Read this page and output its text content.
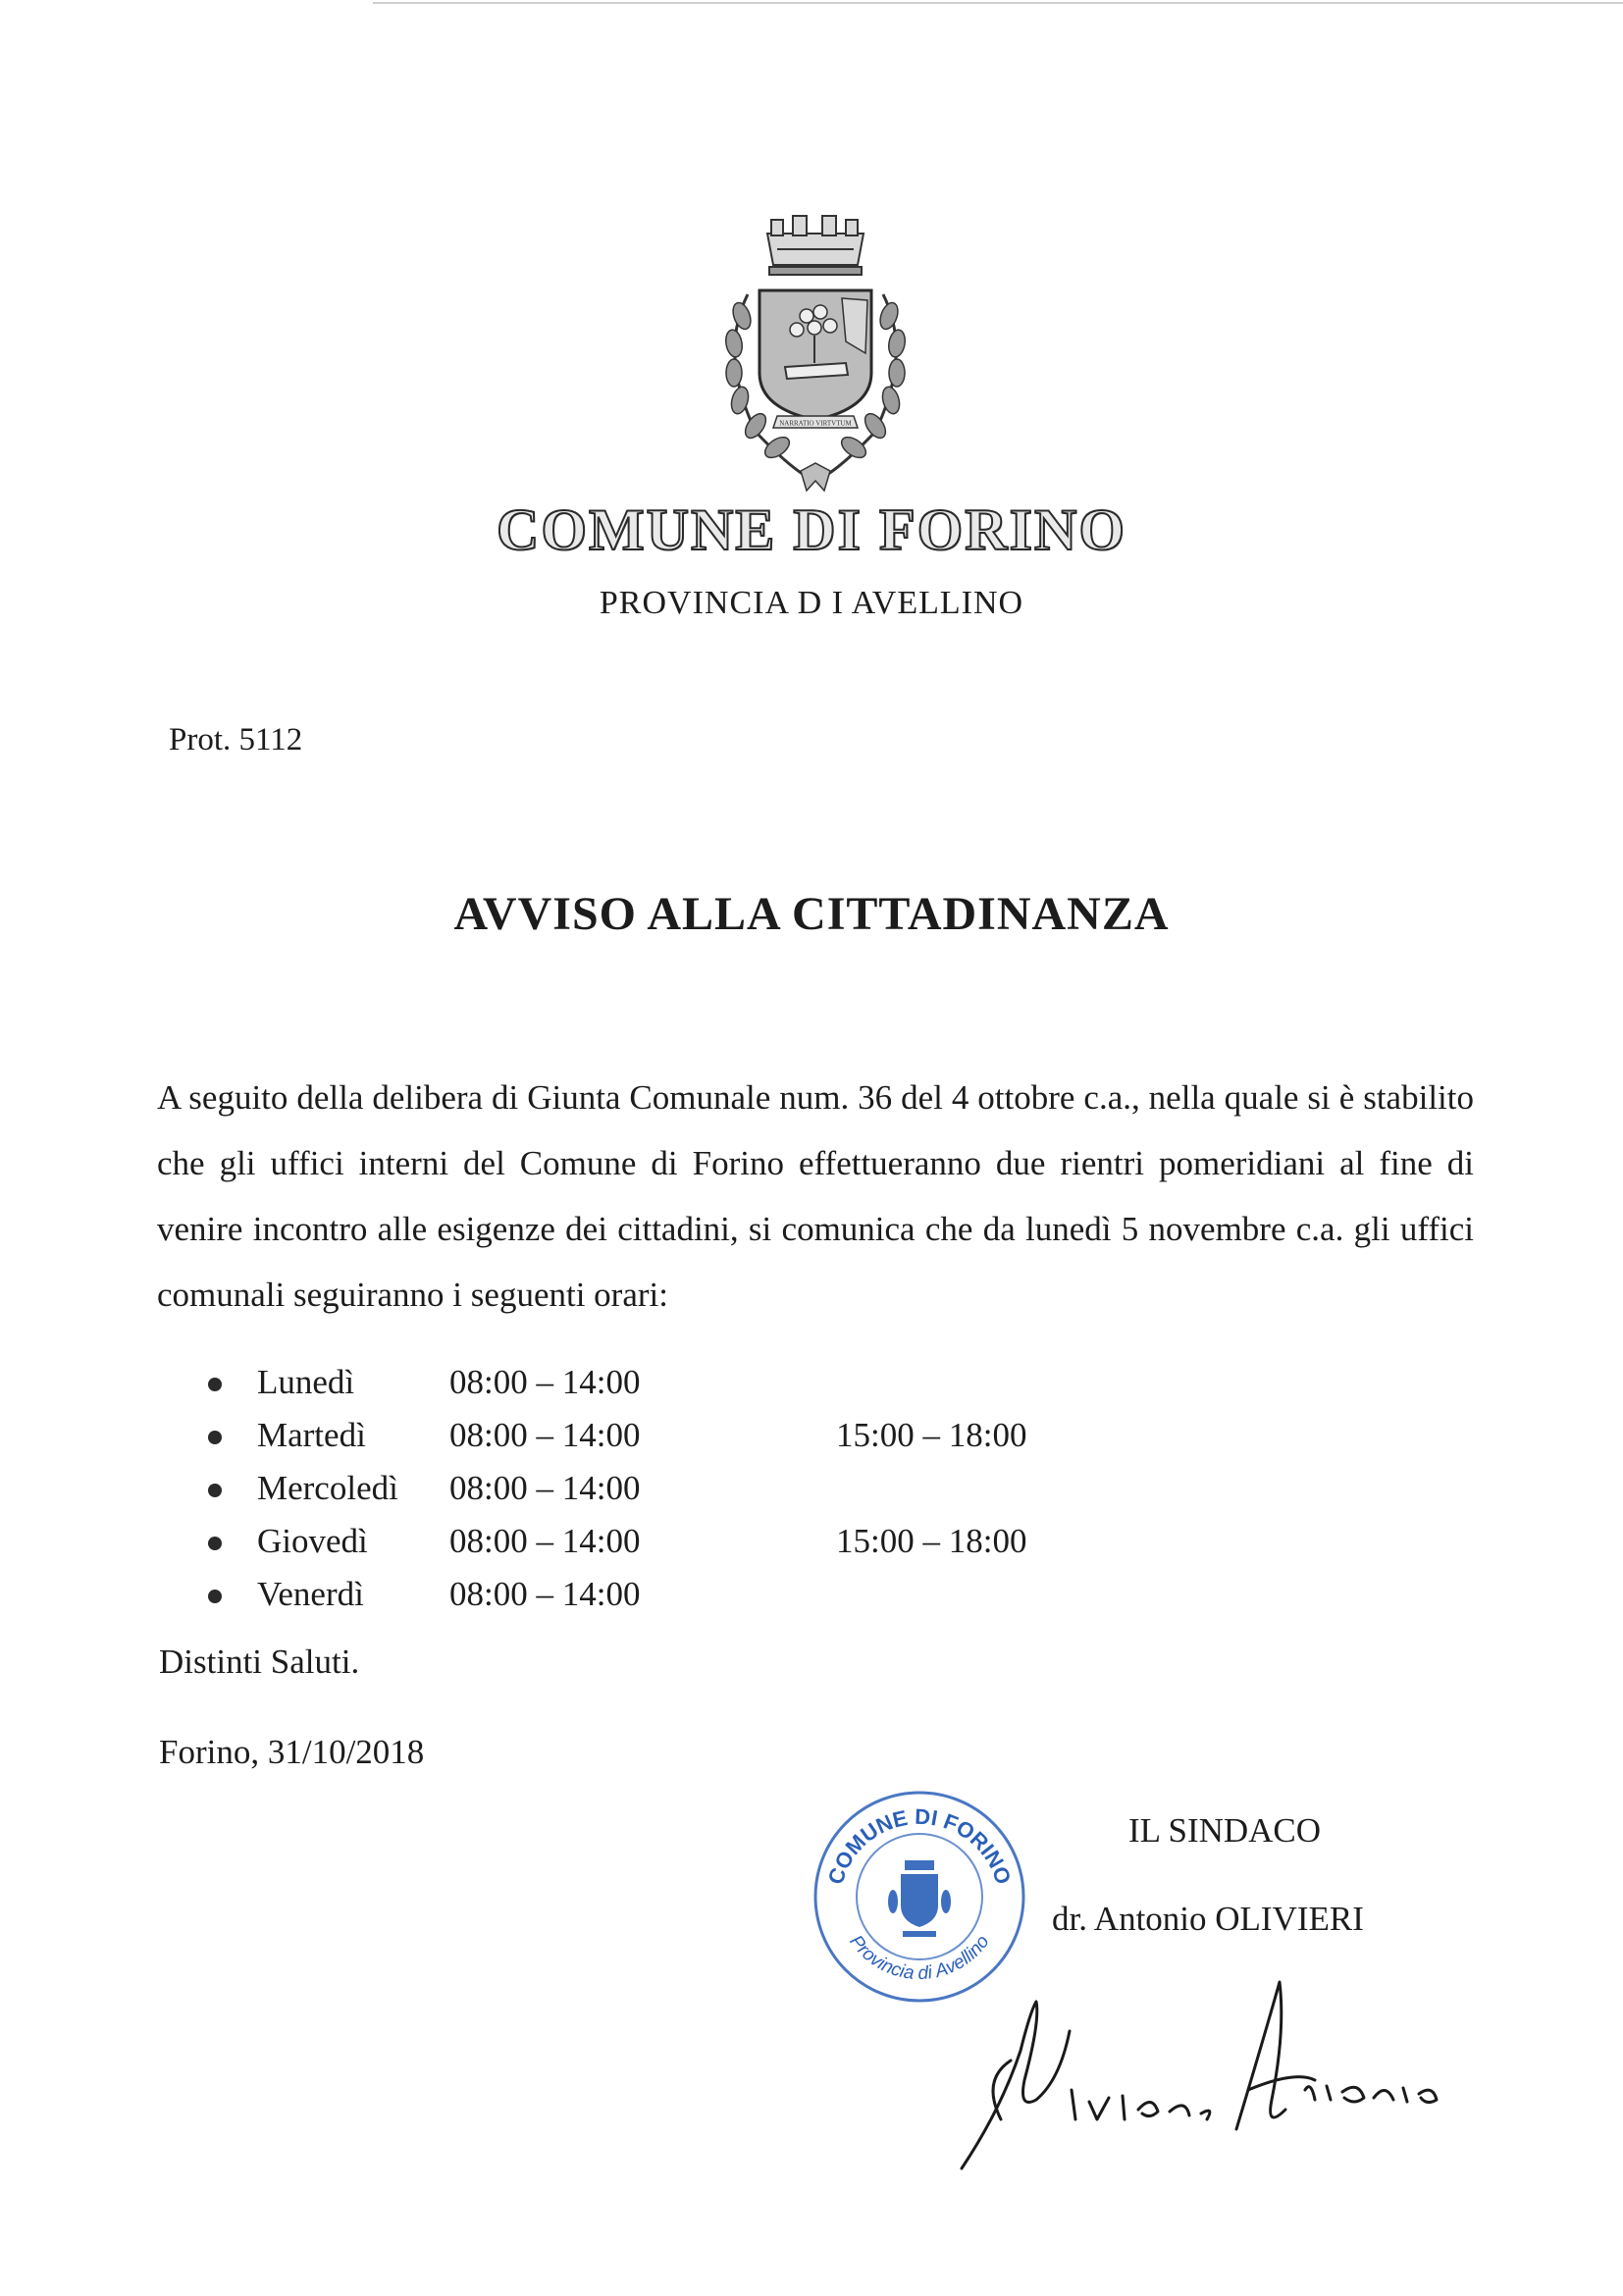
NARRATIO VIRTVTUM
COMUNE DI FORINO
PROVINCIA D I AVELLINO
Prot. 5112
AVVISO ALLA CITTADINANZA
A seguito della delibera di Giunta Comunale num. 36 del 4 ottobre c.a., nella quale si è stabilito che gli uffici interni del Comune di Forino effettueranno due rientri pomeridiani al fine di venire incontro alle esigenze dei cittadini, si comunica che da lunedì 5 novembre c.a. gli uffici comunali seguiranno i seguenti orari:
Lunedì	08:00 – 14:00
Martedì 08:00 – 14:00	15:00 – 18:00
Mercoledì 08:00 – 14:00
Giovedì 08:00 – 14:00	15:00 – 18:00
Venerdì 08:00 – 14:00
Distinti Saluti.
Forino, 31/10/2018
COMUNE DI FORINO
Provincia di Avellino
IL SINDACO
dr. Antonio OLIVIERI
